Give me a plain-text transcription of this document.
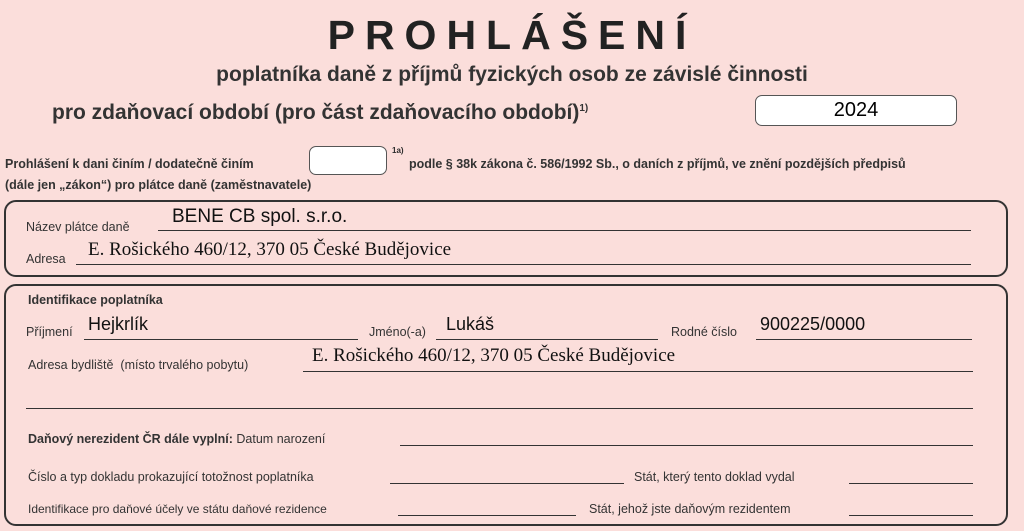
PROHLÁŠENÍ
poplatníka daně z příjmů fyzických osob ze závislé činnosti
pro zdaňovací období (pro část zdaňovacího období)$^{1)}$	2024
Prohlášení k dani činím / dodatečně činím
1a)
podle § 38k zákona č. 586/1992 Sb., o daních z příjmů, ve znění pozdějších předpisů
(dále jen „zákon“) pro plátce daně (zaměstnavatele)
Název plátce daně BENE CB spol. s.r.o.
Adresa E. Rošického 460/12, 370 05 České Budějovice
Identifikace poplatníka
Příjmení Hejkrlík	Jméno(-a) Lukáš	Rodné číslo 900225/0000
Adresa bydliště (místo trvalého pobytu)	E. Rošického 460/12, 370 05 České Budějovice
Daňový nerezident ČR dále vyplní: Datum narození
Číslo a typ dokladu prokazující totožnost poplatníka	Stát, který tento doklad vydal
Identifikace pro daňové účely ve státu daňové rezidence	Stát, jehož jste daňovým rezidentem
